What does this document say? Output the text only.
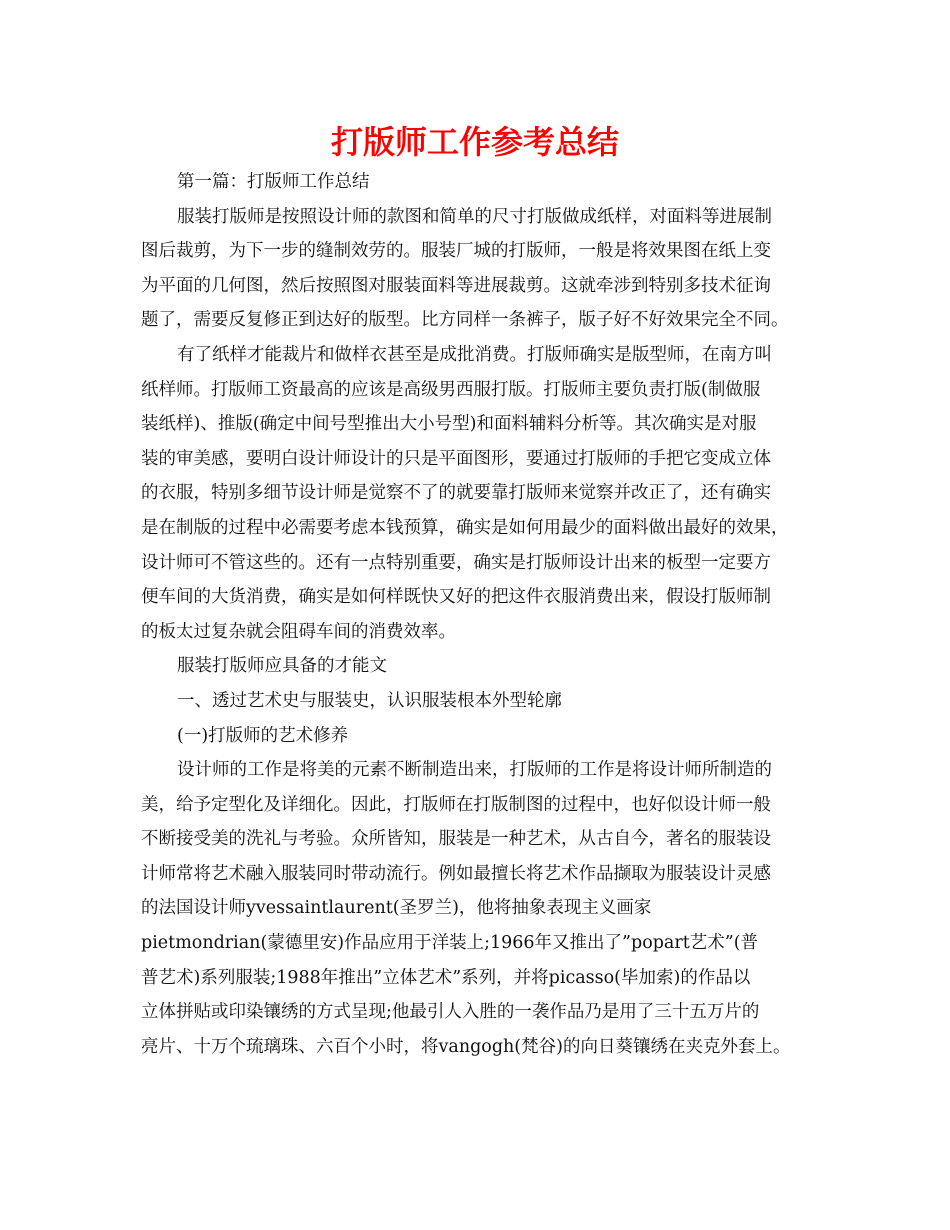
打版师工作参考总结
第一篇：打版师工作总结
服装打版师是按照设计师的款图和简单的尺寸打版做成纸样，对面料等进展制
图后裁剪，为下一步的缝制效劳的。服装厂城的打版师，一般是将效果图在纸上变
为平面的几何图，然后按照图对服装面料等进展裁剪。这就牵涉到特别多技术征询
题了，需要反复修正到达好的版型。比方同样一条裤子，版子好不好效果完全不同。
有了纸样才能裁片和做样衣甚至是成批消费。打版师确实是版型师，在南方叫
纸样师。打版师工资最高的应该是高级男西服打版。打版师主要负责打版(制做服
装纸样)、推版(确定中间号型推出大小号型)和面料辅料分析等。其次确实是对服
装的审美感，要明白设计师设计的只是平面图形，要通过打版师的手把它变成立体
的衣服，特别多细节设计师是觉察不了的就要靠打版师来觉察并改正了，还有确实
是在制版的过程中必需要考虑本钱预算，确实是如何用最少的面料做出最好的效果，
设计师可不管这些的。还有一点特别重要，确实是打版师设计出来的板型一定要方
便车间的大货消费，确实是如何样既快又好的把这件衣服消费出来，假设打版师制
的板太过复杂就会阻碍车间的消费效率。
服装打版师应具备的才能文
一、透过艺术史与服装史，认识服装根本外型轮廓
(一)打版师的艺术修养
设计师的工作是将美的元素不断制造出来，打版师的工作是将设计师所制造的
美，给予定型化及详细化。因此，打版师在打版制图的过程中，也好似设计师一般
不断接受美的洗礼与考验。众所皆知，服装是一种艺术，从古自今，著名的服装设
计师常将艺术融入服装同时带动流行。例如最擅长将艺术作品撷取为服装设计灵感
的法国设计师yvessaintlaurent(圣罗兰)，他将抽象表现主义画家
pietmondrian(蒙德里安)作品应用于洋装上;1966年又推出了”popart艺术”(普
普艺术)系列服装;1988年推出”立体艺术”系列，并将picasso(毕加索)的作品以
立体拼贴或印染镶绣的方式呈现;他最引人入胜的一袭作品乃是用了三十五万片的
亮片、十万个琉璃珠、六百个小时，将vangogh(梵谷)的向日葵镶绣在夹克外套上。
